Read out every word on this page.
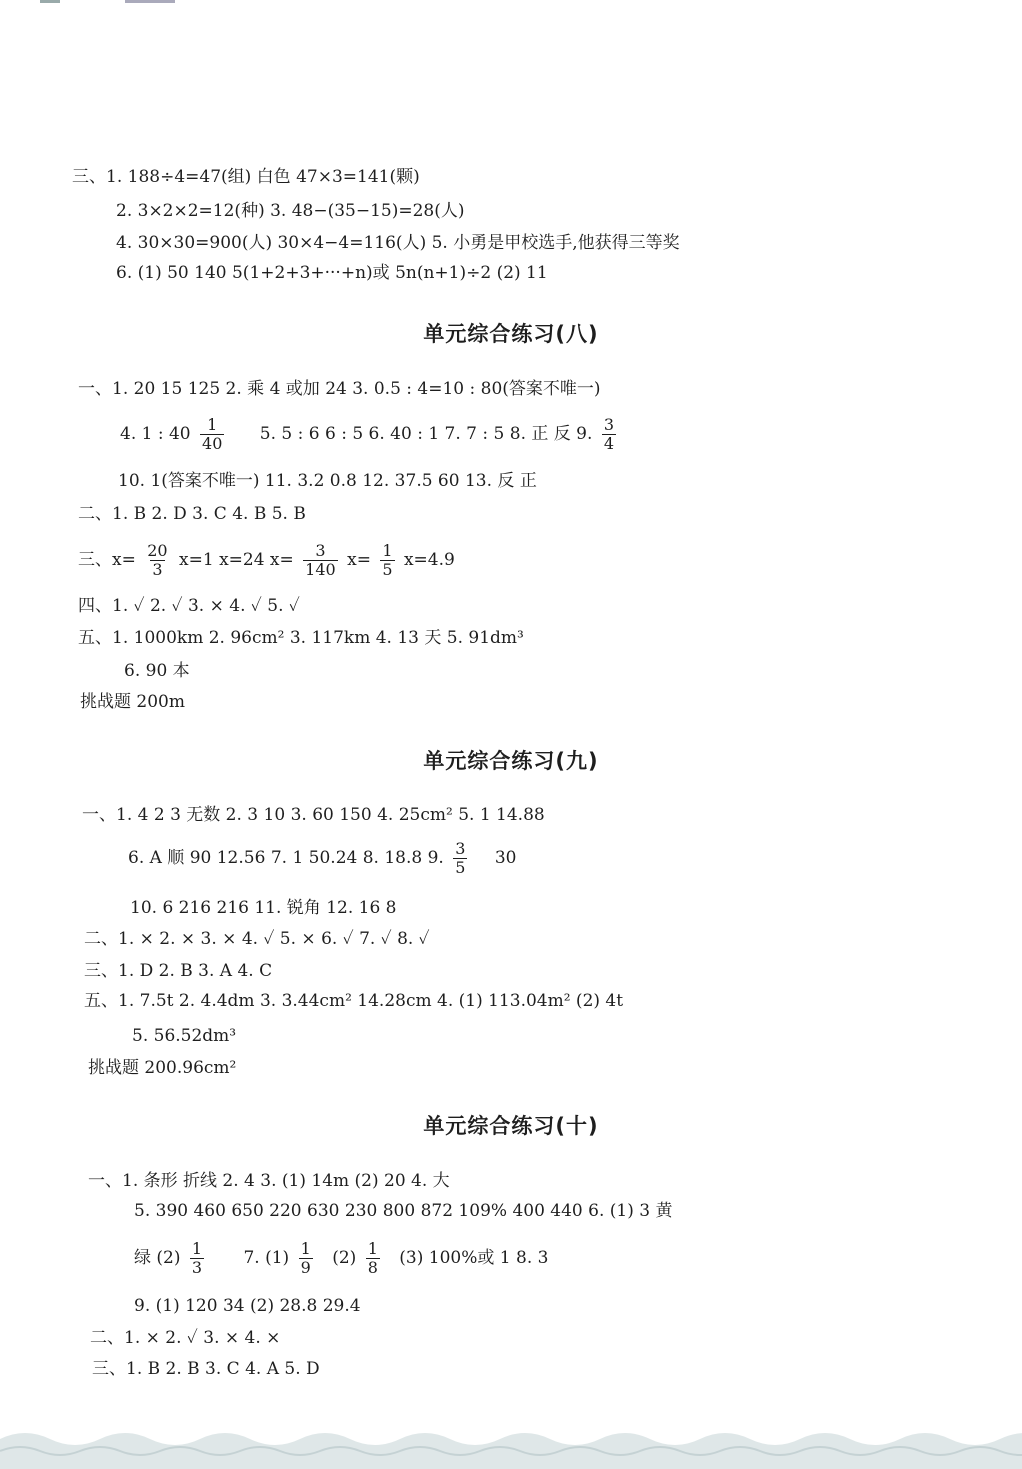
三、1. 188÷4=47(组) 白色 47×3=141(颗)
2. 3×2×2=12(种) 3. 48−(35−15)=28(人)
4. 30×30=900(人) 30×4−4=116(人) 5. 小勇是甲校选手,他获得三等奖
6. (1) 50 140 5(1+2+3+···+n)或 5n(n+1)÷2 (2) 11
单元综合练习(八)
一、1. 20 15 125 2. 乘 4 或加 24 3. 0.5 : 4=10 : 80(答案不唯一)
4. 1 : $40 \frac{1}{40} 5$. 5 : 6 6 : 5 6. 40 : 1 7. 7 : 5 8. 正 反 9. $\frac{3}{4}$
10. 1(答案不唯一) 11. 3.2 0.8 12. 37.5 60 13. 反 正
二、1. B 2. D 3. C 4. B 5. B
三、$x= \frac{20}{3} x=1$ x=24 $x= \frac{3}{140} x= \frac{1}{5} x=4.9$
四、1. ✓ 2. ✓ 3. × 4. ✓ 5. ✓
五、1. 1000km 2. 96cm² 3. 117km 4. 13 天 5. 91dm³
6. 90 本
挑战题 200m
单元综合练习(九)
一、1. 4 2 3 无数 2. 3 10 3. 60 150 4. 25cm² 5. 1 14.88
6. A 顺 90 12.56 7. 1 50.24 8. 18.8 9. $\frac{3}{5} 30$
10. 6 216 216 11. 锐角 12. 16 8
二、1. × 2. × 3. × 4. ✓ 5. × 6. ✓ 7. ✓ 8. ✓
三、1. D 2. B 3. A 4. C
五、1. 7.5t 2. 4.4dm 3. 3.44cm² 14.28cm 4. (1) 113.04m² (2) 4t
5. 56.52dm³
挑战题 200.96cm²
单元综合练习(十)
一、1. 条形 折线 2. 4 3. (1) 14m (2) 20 4. 大
5. 390 460 650 220 630 230 800 872 109% 400 440 6. (1) 3 黄
绿 $(2) \frac{1}{3} 7$. $(1) \frac{1}{9} (2) \frac{1}{8} (3)$ 100%或 1 8. 3
9. (1) 120 34 (2) 28.8 29.4
二、1. × 2. ✓ 3. × 4. ×
三、1. B 2. B 3. C 4. A 5. D
